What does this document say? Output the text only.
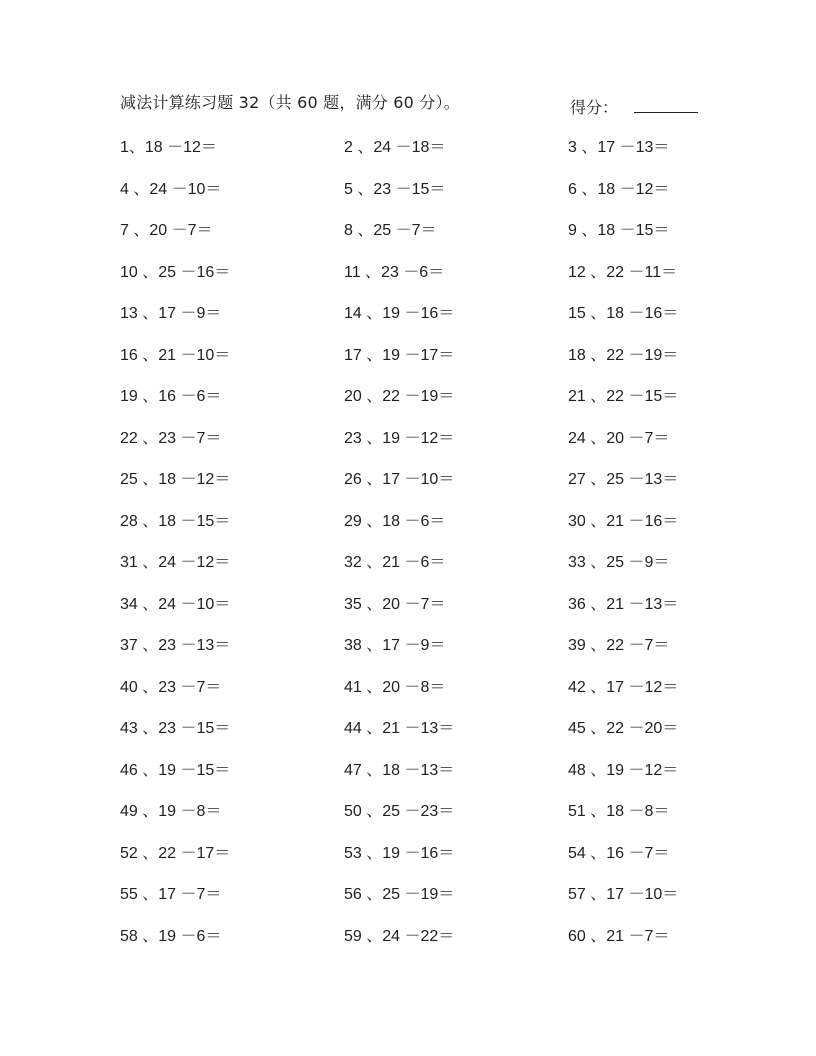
减法计算练习题 32（共 60 题，满分 60 分）。	得分：
1、18 －12＝	2 、24 －18＝	3 、17 －13＝
4 、24 －10＝	5 、23 －15＝	6 、18 －12＝
7 、20 －7＝	8 、25 －7＝	9 、18 －15＝
10 、25 －16＝	11 、23 －6＝	12 、22 －11＝
13 、17 －9＝	14 、19 －16＝	15 、18 －16＝
16 、21 －10＝	17 、19 －17＝	18 、22 －19＝
19 、16 －6＝	20 、22 －19＝	21 、22 －15＝
22 、23 －7＝	23 、19 －12＝	24 、20 －7＝
25 、18 －12＝	26 、17 －10＝	27 、25 －13＝
28 、18 －15＝	29 、18 －6＝	30 、21 －16＝
31 、24 －12＝	32 、21 －6＝	33 、25 －9＝
34 、24 －10＝	35 、20 －7＝	36 、21 －13＝
37 、23 －13＝	38 、17 －9＝	39 、22 －7＝
40 、23 －7＝	41 、20 －8＝	42 、17 －12＝
43 、23 －15＝	44 、21 －13＝	45 、22 －20＝
46 、19 －15＝	47 、18 －13＝	48 、19 －12＝
49 、19 －8＝	50 、25 －23＝	51 、18 －8＝
52 、22 －17＝	53 、19 －16＝	54 、16 －7＝
55 、17 －7＝	56 、25 －19＝	57 、17 －10＝
58 、19 －6＝	59 、24 －22＝	60 、21 －7＝
